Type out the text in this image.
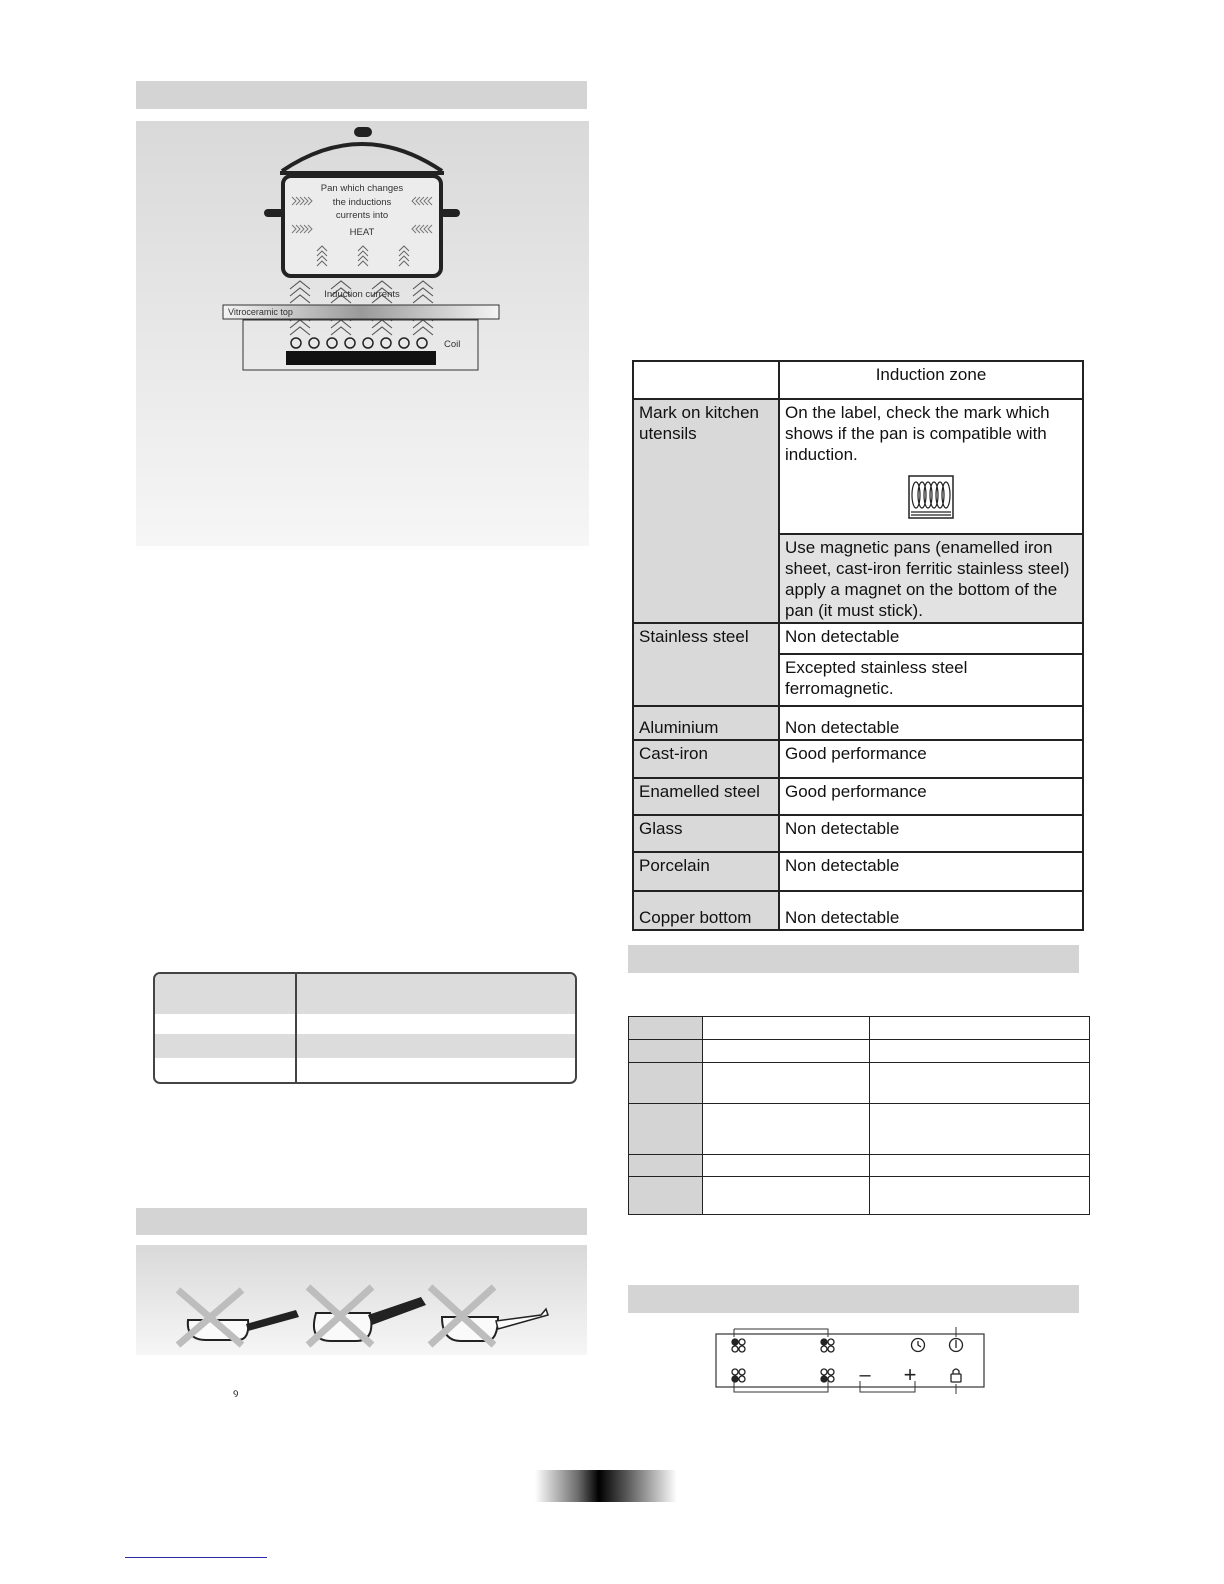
Pan which changes
the inductions
currents into
HEAT
Induction currents
Vitroceramic top
Coil
ꝰ
	Induction zone
Mark on kitchen utensils	On the label, check the mark which shows if the pan is compatible with induction.

	Use magnetic pans (enamelled iron sheet, cast-iron ferritic stainless steel) apply a magnet on the bottom of the pan (it must stick).
Stainless steel	Non detectable
	Excepted stainless steel ferromagnetic.
Aluminium	Non detectable
Cast-iron	Good performance
Enamelled steel	Good performance
Glass	Non detectable
Porcelain	Non detectable
Copper bottom	Non detectable

– +
